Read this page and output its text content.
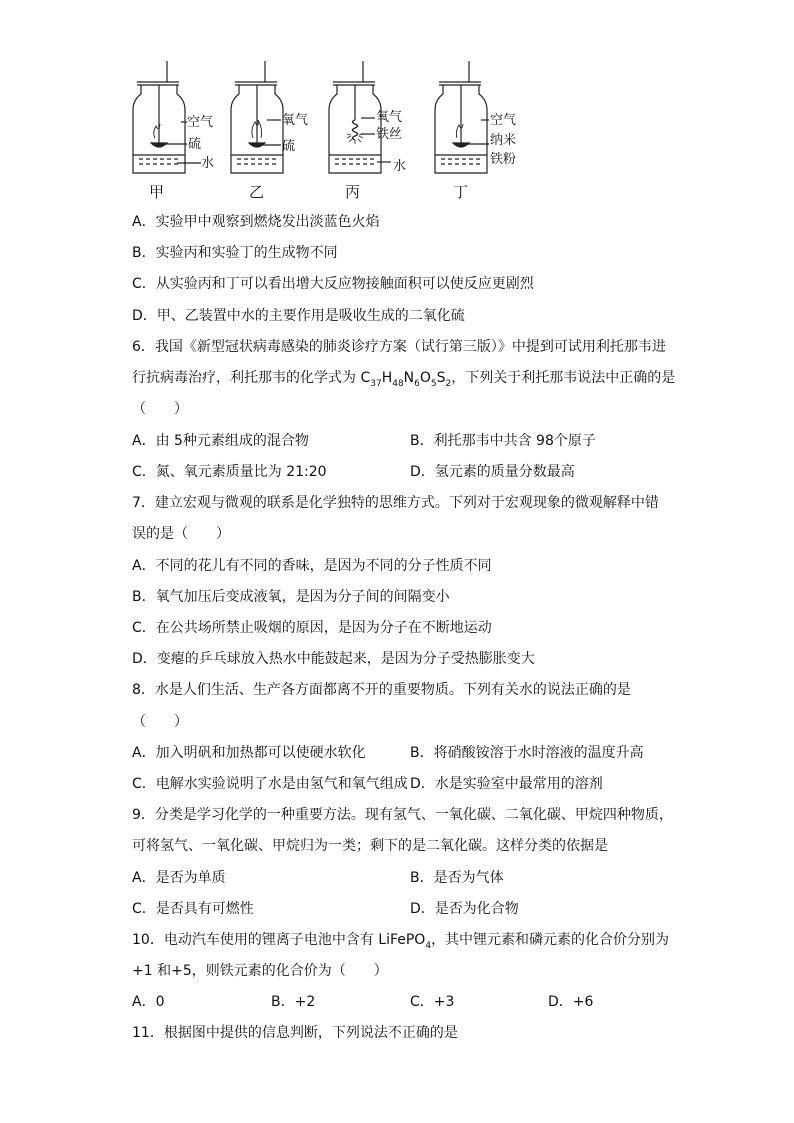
空气
硫
水
甲
氧气
硫
乙
氧气
铁丝
水
丙
空气
纳米
铁粉
丁
A．实验甲中观察到燃烧发出淡蓝色火焰
B．实验丙和实验丁的生成物不同
C．从实验丙和丁可以看出增大反应物接触面积可以使反应更剧烈
D．甲、乙装置中水的主要作用是吸收生成的二氧化硫
6．我国《新型冠状病毒感染的肺炎诊疗方案（试行第三版）》中提到可试用利托那韦进
行抗病毒治疗，利托那韦的化学式为 $C_{37}H_{48}N_6O_5S_2$，下列关于利托那韦说法中正确的是
（　　）
A．由 5种元素组成的混合物	B．利托那韦中共含 98个原子
C．氮、氧元素质量比为 21:20	D．氢元素的质量分数最高
7．建立宏观与微观的联系是化学独特的思维方式。下列对于宏观现象的微观解释中错
误的是（　　）
A．不同的花儿有不同的香味，是因为不同的分子性质不同
B．氧气加压后变成液氧，是因为分子间的间隔变小
C．在公共场所禁止吸烟的原因，是因为分子在不断地运动
D．变瘪的乒乓球放入热水中能鼓起来，是因为分子受热膨胀变大
8．水是人们生活、生产各方面都离不开的重要物质。下列有关水的说法正确的是
（　　）
A．加入明矾和加热都可以使硬水软化	B．将硝酸铵溶于水时溶液的温度升高
C．电解水实验说明了水是由氢气和氧气组成 D．水是实验室中最常用的溶剂
9．分类是学习化学的一种重要方法。现有氢气、一氧化碳、二氧化碳、甲烷四种物质，
可将氢气、一氧化碳、甲烷归为一类；剩下的是二氧化碳。这样分类的依据是
A．是否为单质	B．是否为气体
C．是否具有可燃性	D．是否为化合物
10．电动汽车使用的锂离子电池中含有 LiFePO$_4$，其中锂元素和磷元素的化合价分别为
+1 和+5，则铁元素的化合价为（　　）
A．0	B．+2	C．+3	D．+6
11．根据图中提供的信息判断，下列说法不正确的是
